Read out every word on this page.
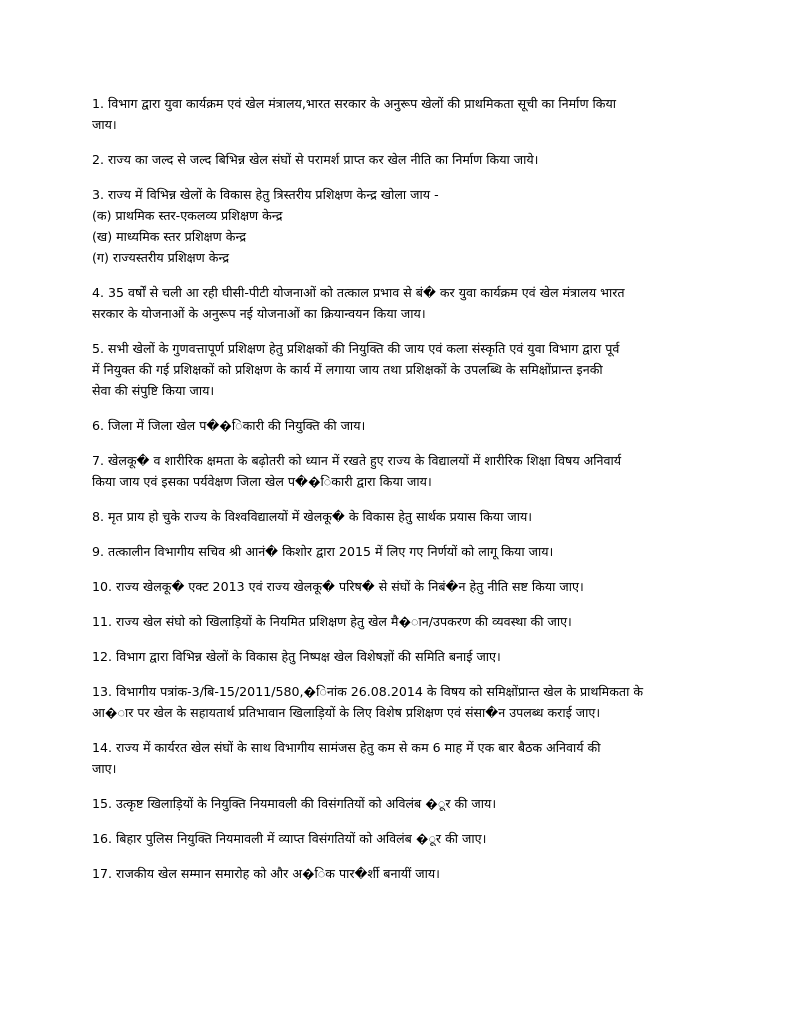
1. विभाग द्वारा युवा कार्यक्रम एवं खेल मंत्रालय,भारत सरकार के अनुरूप खेलों की प्राथमिकता सूची का निर्माण किया
जाय।
2. राज्य का जल्द से जल्द बिभिन्न खेल संघों से परामर्श प्राप्त कर खेल नीति का निर्माण किया जाये।
3. राज्य में विभिन्न खेलों के विकास हेतु त्रिस्तरीय प्रशिक्षण केन्द्र खोला जाय -
(क) प्राथमिक स्तर-एकलव्य प्रशिक्षण केन्द्र
(ख) माध्यमिक स्तर प्रशिक्षण केन्द्र
(ग) राज्यस्तरीय प्रशिक्षण केन्द्र
4. 35 वर्षों से चली आ रही घीसी-पीटी योजनाओं को तत्काल प्रभाव से बं� कर युवा कार्यक्रम एवं खेल मंत्रालय भारत
सरकार के योजनाओं के अनुरूप नई योजनाओं का क्रियान्वयन किया जाय।
5. सभी खेलों के गुणवत्तापूर्ण प्रशिक्षण हेतु प्रशिक्षकों की नियुक्ति की जाय एवं कला संस्कृति एवं युवा विभाग द्वारा पूर्व
में नियुक्त की गई प्रशिक्षकों को प्रशिक्षण के कार्य में लगाया जाय तथा प्रशिक्षकों के उपलब्धि के समिक्षोंप्रान्त इनकी
सेवा की संपुष्टि किया जाय।
6. जिला में जिला खेल प��िकारी की नियुक्ति की जाय।
7. खेलकू� व शारीरिक क्षमता के बढ़ोतरी को ध्यान में रखते हुए राज्य के विद्यालयों में शारीरिक शिक्षा विषय अनिवार्य
किया जाय एवं इसका पर्यवेक्षण जिला खेल प��िकारी द्वारा किया जाय।
8. मृत प्राय हो चुके राज्य के विश्वविद्यालयों में खेलकू� के विकास हेतु सार्थक प्रयास किया जाय।
9. तत्कालीन विभागीय सचिव श्री आनं� किशोर द्वारा 2015 में लिए गए निर्णयों को लागू किया जाय।
10. राज्य खेलकू� एक्ट 2013 एवं राज्य खेलकू� परिष� से संघों के निबं�न हेतु नीति सष्ट किया जाए।
11. राज्य खेल संघो को खिलाड़ियों के नियमित प्रशिक्षण हेतु खेल मै�ान/उपकरण की व्यवस्था की जाए।
12. विभाग द्वारा विभिन्न खेलों के विकास हेतु निष्पक्ष खेल विशेषज्ञों की समिति बनाई जाए।
13. विभागीय पत्रांक-3/बि-15/2011/580,�िनांक 26.08.2014 के विषय को समिक्षोंप्रान्त खेल के प्राथमिकता के
आ�ार पर खेल के सहायतार्थ प्रतिभावान खिलाड़ियों के लिए विशेष प्रशिक्षण एवं संसा�न उपलब्ध कराई जाए।
14. राज्य में कार्यरत खेल संघों के साथ विभागीय सामंजस हेतु कम से कम 6 माह में एक बार बैठक अनिवार्य की
जाए।
15. उत्कृष्ट खिलाड़ियों के नियुक्ति नियमावली की विसंगतियों को अविलंब �ूर की जाय।
16. बिहार पुलिस नियुक्ति नियमावली में व्याप्त विसंगतियों को अविलंब �ूर की जाए।
17. राजकीय खेल सम्मान समारोह को और अ�िक पार�र्शी बनायीं जाय।
